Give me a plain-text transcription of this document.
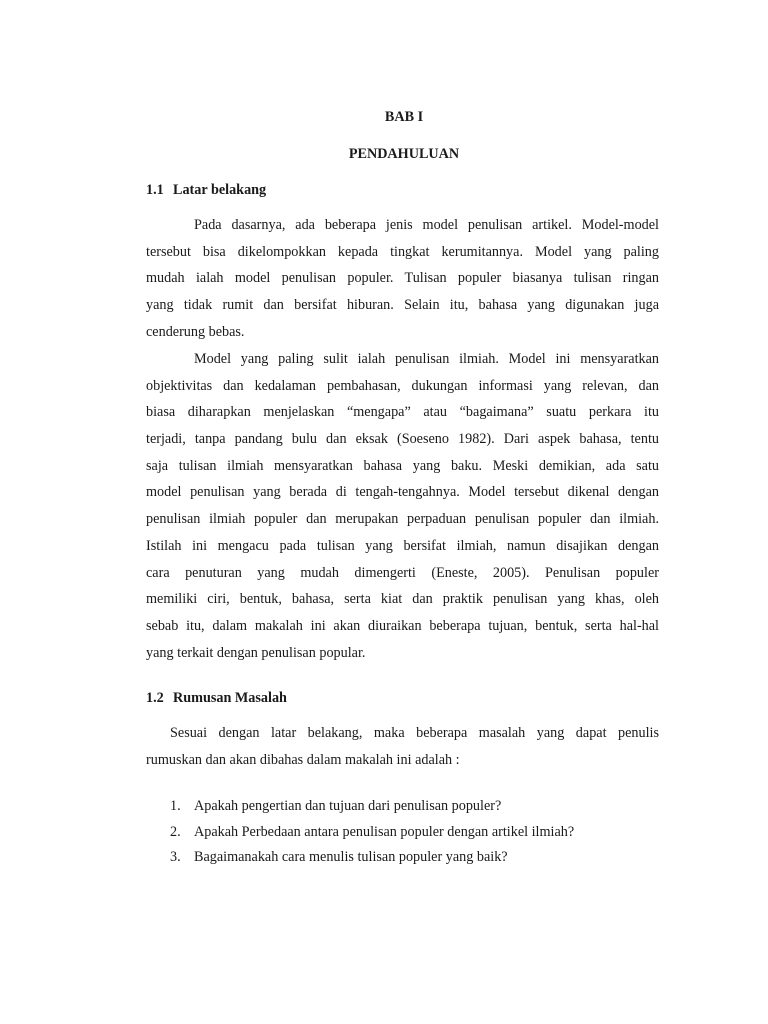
BAB I
PENDAHULUAN
1.1 Latar belakang
Pada dasarnya, ada beberapa jenis model penulisan artikel. Model-model
tersebut bisa dikelompokkan kepada tingkat kerumitannya. Model yang paling
mudah ialah model penulisan populer. Tulisan populer biasanya tulisan ringan
yang tidak rumit dan bersifat hiburan. Selain itu, bahasa yang digunakan juga
cenderung bebas.
Model yang paling sulit ialah penulisan ilmiah. Model ini mensyaratkan
objektivitas dan kedalaman pembahasan, dukungan informasi yang relevan, dan
biasa diharapkan menjelaskan “mengapa” atau “bagaimana” suatu perkara itu
terjadi, tanpa pandang bulu dan eksak (Soeseno 1982). Dari aspek bahasa, tentu
saja tulisan ilmiah mensyaratkan bahasa yang baku. Meski demikian, ada satu
model penulisan yang berada di tengah-tengahnya. Model tersebut dikenal dengan
penulisan ilmiah populer dan merupakan perpaduan penulisan populer dan ilmiah.
Istilah ini mengacu pada tulisan yang bersifat ilmiah, namun disajikan dengan
cara penuturan yang mudah dimengerti (Eneste, 2005). Penulisan populer
memiliki ciri, bentuk, bahasa, serta kiat dan praktik penulisan yang khas, oleh
sebab itu, dalam makalah ini akan diuraikan beberapa tujuan, bentuk, serta hal-hal
yang terkait dengan penulisan popular.
1.2 Rumusan Masalah
Sesuai dengan latar belakang, maka beberapa masalah yang dapat penulis
rumuskan dan akan dibahas dalam makalah ini adalah :
1. Apakah pengertian dan tujuan dari penulisan populer?
2. Apakah Perbedaan antara penulisan populer dengan artikel ilmiah?
3. Bagaimanakah cara menulis tulisan populer yang baik?
